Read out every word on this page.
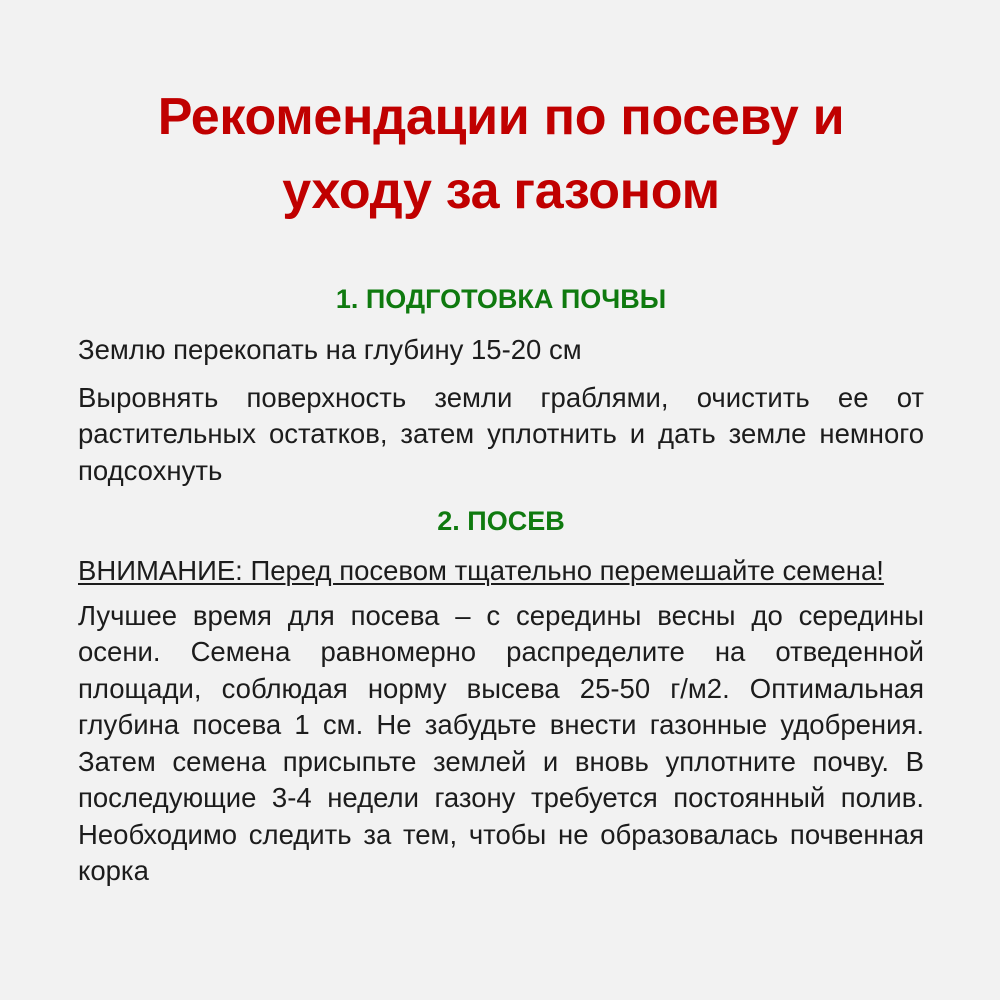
Рекомендации по посеву и уходу за газоном
1. ПОДГОТОВКА ПОЧВЫ

Землю перекопать на глубину 15-20 см

Выровнять поверхность земли граблями, очистить ее от растительных остатков, затем уплотнить и дать земле немного подсохнуть

2. ПОСЕВ

ВНИМАНИЕ: Перед посевом тщательно перемешайте семена!

Лучшее время для посева – с середины весны до середины осени. Семена равномерно распределите на отведенной площади, соблюдая норму высева 25-50 г/м2. Оптимальная глубина посева 1 см. Не забудьте внести газонные удобрения. Затем семена присыпьте землей и вновь уплотните почву. В последующие 3-4 недели газону требуется постоянный полив. Необходимо следить за тем, чтобы не образовалась почвенная корка
